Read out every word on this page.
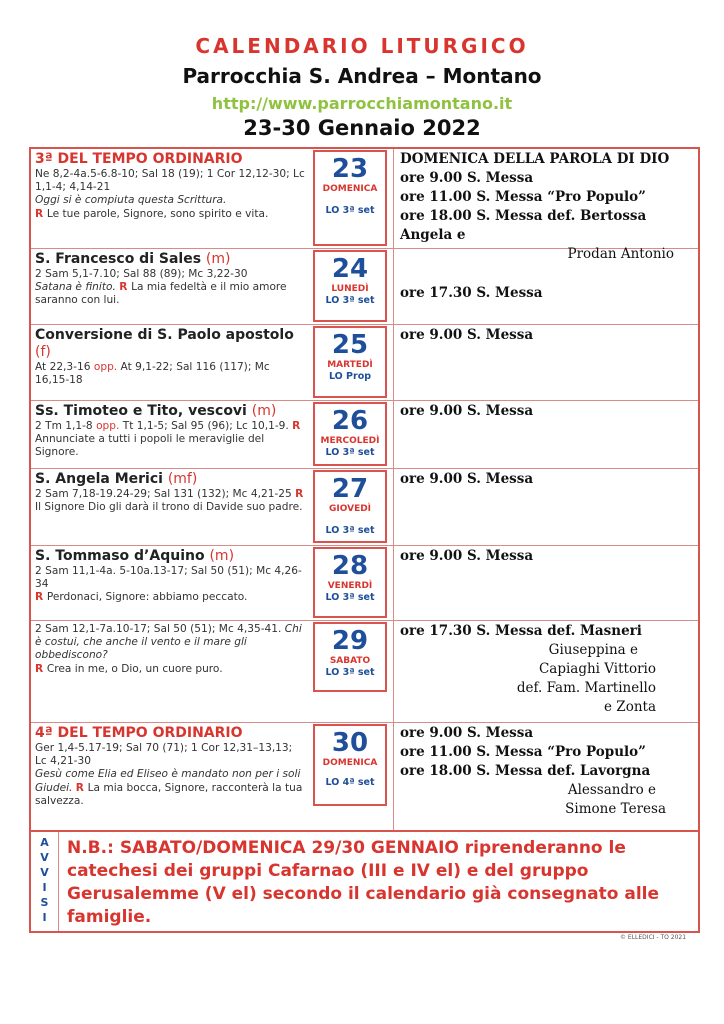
CALENDARIO LITURGICO
Parrocchia S. Andrea – Montano
http://www.parrocchiamontano.it
23-30 Gennaio 2022
3ª DEL TEMPO ORDINARIO
Ne 8,2-4a.5-6.8-10; Sal 18 (19); 1 Cor 12,12-30; Lc 1,1-4; 4,14-21
Oggi si è compiuta questa Scrittura.
R Le tue parole, Signore, sono spirito e vita.
23
DOMENICA
LO 3ª set
DOMENICA DELLA PAROLA DI DIO
ore 9.00 S. Messa
ore 11.00 S. Messa “Pro Populo”
ore 18.00 S. Messa def. Bertossa Angela e
Prodan Antonio
S. Francesco di Sales (m)
2 Sam 5,1-7.10; Sal 88 (89); Mc 3,22-30
Satana è finito. R La mia fedeltà e il mio amore saranno con lui.
24
LUNEDÌ
LO 3ª set	ore 17.30 S. Messa
Conversione di S. Paolo apostolo (f)
At 22,3-16 opp. At 9,1-22; Sal 116 (117); Mc 16,15-18
25
MARTEDÌ
LO Prop
ore 9.00 S. Messa
Ss. Timoteo e Tito, vescovi (m)
2 Tm 1,1-8 opp. Tt 1,1-5; Sal 95 (96); Lc 10,1-9. R Annunciate a tutti i popoli le meraviglie del Signore.
26
MERCOLEDÌ
LO 3ª set
ore 9.00 S. Messa
S. Angela Merici (mf)
2 Sam 7,18-19.24-29; Sal 131 (132); Mc 4,21-25 R Il Signore Dio gli darà il trono di Davide suo padre.
27
GIOVEDÌ
LO 3ª set
ore 9.00 S. Messa
S. Tommaso d’Aquino (m)
2 Sam 11,1-4a. 5-10a.13-17; Sal 50 (51); Mc 4,26-34
R Perdonaci, Signore: abbiamo peccato.
28
VENERDÌ
LO 3ª set
ore 9.00 S. Messa
2 Sam 12,1-7a.10-17; Sal 50 (51); Mc 4,35-41. Chi è costui, che anche il vento e il mare gli obbediscono?
R Crea in me, o Dio, un cuore puro.
29
SABATO
LO 3ª set
ore 17.30 S. Messa def. Masneri
Giuseppina e
Capiaghi Vittorio
def. Fam. Martinello
e Zonta
4ª DEL TEMPO ORDINARIO
Ger 1,4-5.17-19; Sal 70 (71); 1 Cor 12,31–13,13; Lc 4,21-30
Gesù come Elia ed Eliseo è mandato non per i soli Giudei. R La mia bocca, Signore, racconterà la tua salvezza.
30
DOMENICA
LO 4ª set
ore 9.00 S. Messa
ore 11.00 S. Messa “Pro Populo”
ore 18.00 S. Messa def. Lavorgna
Alessandro e
Simone Teresa
A
V
V
I
S
I
N.B.: SABATO/DOMENICA 29/30 GENNAIO riprenderanno le catechesi dei gruppi Cafarnao (III e IV el) e del gruppo Gerusalemme (V el) secondo il calendario già consegnato alle famiglie.
© ELLEDICI - TO 2021
